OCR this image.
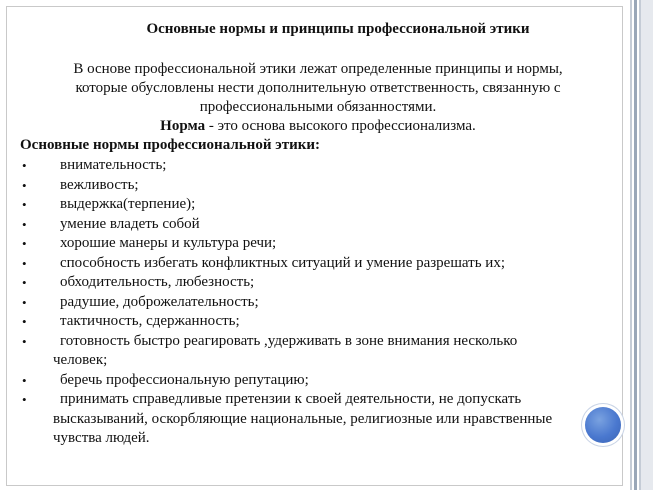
Основные нормы и принципы профессиональной этики

В основе профессиональной этики лежат определенные принципы и нормы,
которые обусловлены нести дополнительную ответственность, связанную с
профессиональными обязанностями.

Норма - это основа высокого профессионализма.

Основные нормы профессиональной этики:

• внимательность;
• вежливость;
• выдержка(терпение);
• умение владеть собой
• хорошие манеры и культура речи;
• способность избегать конфликтных ситуаций и умение разрешать их;
• обходительность, любезность;
• радушие, доброжелательность;
• тактичность, сдержанность;
•	готовность быстро реагировать ,удерживать в зоне внимания несколько
человек;
• беречь профессиональную репутацию;
•	принимать справедливые претензии к своей деятельности, не допускать
высказываний, оскорбляющие национальные, религиозные или нравственные
чувства людей.
